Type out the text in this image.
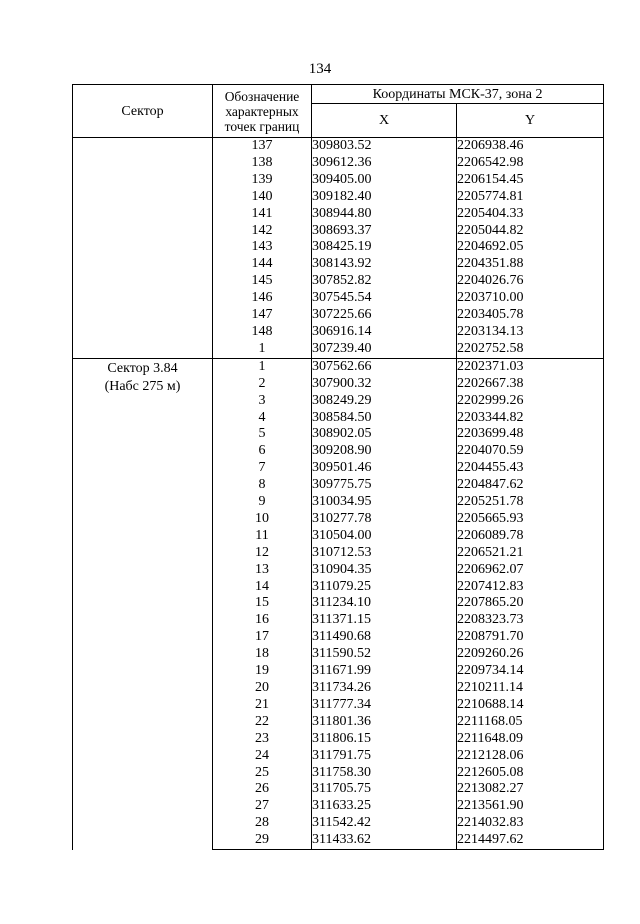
134
Сектор	Обозначение
характерных
точек границ	Координаты МСК-37, зона 2	
		X	Y

	137	309803.52	2206938.46
	138	309612.36	2206542.98
	139	309405.00	2206154.45
	140	309182.40	2205774.81
	141	308944.80	2205404.33
	142	308693.37	2205044.82
	143	308425.19	2204692.05
	144	308143.92	2204351.88
	145	307852.82	2204026.76
	146	307545.54	2203710.00
	147	307225.66	2203405.78
	148	306916.14	2203134.13
	1	307239.40	2202752.58

Сектор 3.84
(Набс 275 м)	1	307562.66	2202371.03
	2	307900.32	2202667.38
	3	308249.29	2202999.26
	4	308584.50	2203344.82
	5	308902.05	2203699.48
	6	309208.90	2204070.59
	7	309501.46	2204455.43
	8	309775.75	2204847.62
	9	310034.95	2205251.78
	10	310277.78	2205665.93
	11	310504.00	2206089.78
	12	310712.53	2206521.21
	13	310904.35	2206962.07
	14	311079.25	2207412.83
	15	311234.10	2207865.20
	16	311371.15	2208323.73
	17	311490.68	2208791.70
	18	311590.52	2209260.26
	19	311671.99	2209734.14
	20	311734.26	2210211.14
	21	311777.34	2210688.14
	22	311801.36	2211168.05
	23	311806.15	2211648.09
	24	311791.75	2212128.06
	25	311758.30	2212605.08
	26	311705.75	2213082.27
	27	311633.25	2213561.90
	28	311542.42	2214032.83
	29	311433.62	2214497.62
